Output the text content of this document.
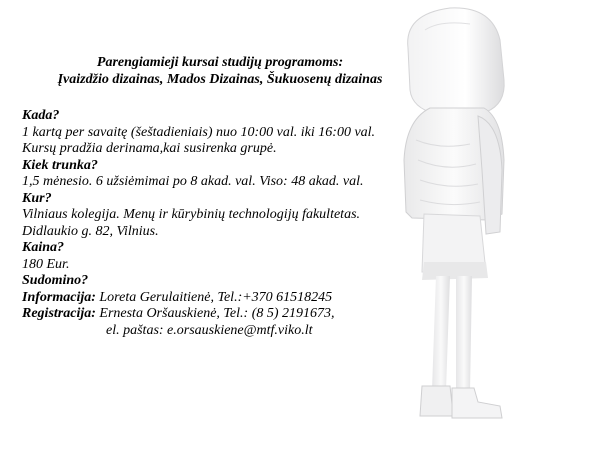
Parengiamieji kursai studijų programoms:
Įvaizdžio dizainas, Mados Dizainas, Šukuosenų dizainas
Kada?
1 kartą per savaitę (šeštadieniais) nuo 10:00 val. iki 16:00 val.
Kursų pradžia derinama,kai susirenka grupė.
Kiek trunka?
1,5 mėnesio. 6 užsiėmimai po 8 akad. val. Viso: 48 akad. val.
Kur?
Vilniaus kolegija. Menų ir kūrybinių technologijų fakultetas.
Didlaukio g. 82, Vilnius.
Kaina?
180 Eur.
Sudomino?
Informacija: Loreta Gerulaitienė, Tel.:+370 61518245
Registracija: Ernesta Oršauskienė, Tel.: (8 5) 2191673,
el. paštas: e.orsauskiene@mtf.viko.lt
